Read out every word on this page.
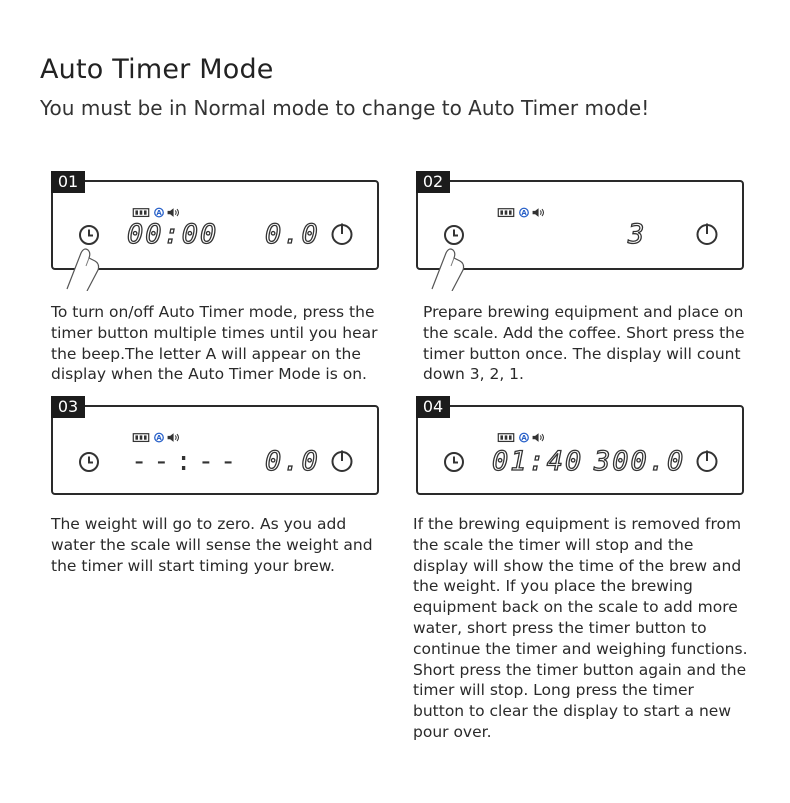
Auto Timer Mode
You must be in Normal mode to change to Auto Timer mode!
01
A
00:00 0.0
To turn on/off Auto Timer mode, press the timer button multiple times until you hear the beep.The letter A will appear on the display when the Auto Timer Mode is on.
02
A
3
Prepare brewing equipment and place on the scale. Add the coffee. Short press the timer button once. The display will count down 3, 2, 1.
03
A
--:-- 0.0
The weight will go to zero. As you add water the scale will sense the weight and the timer will start timing your brew.
04
A
01:40 300.0
If the brewing equipment is removed from the scale the timer will stop and the display will show the time of the brew and the weight. If you place the brewing equipment back on the scale to add more water, short press the timer button to continue the timer and weighing functions. Short press the timer button again and the timer will stop. Long press the timer button to clear the display to start a new pour over.
